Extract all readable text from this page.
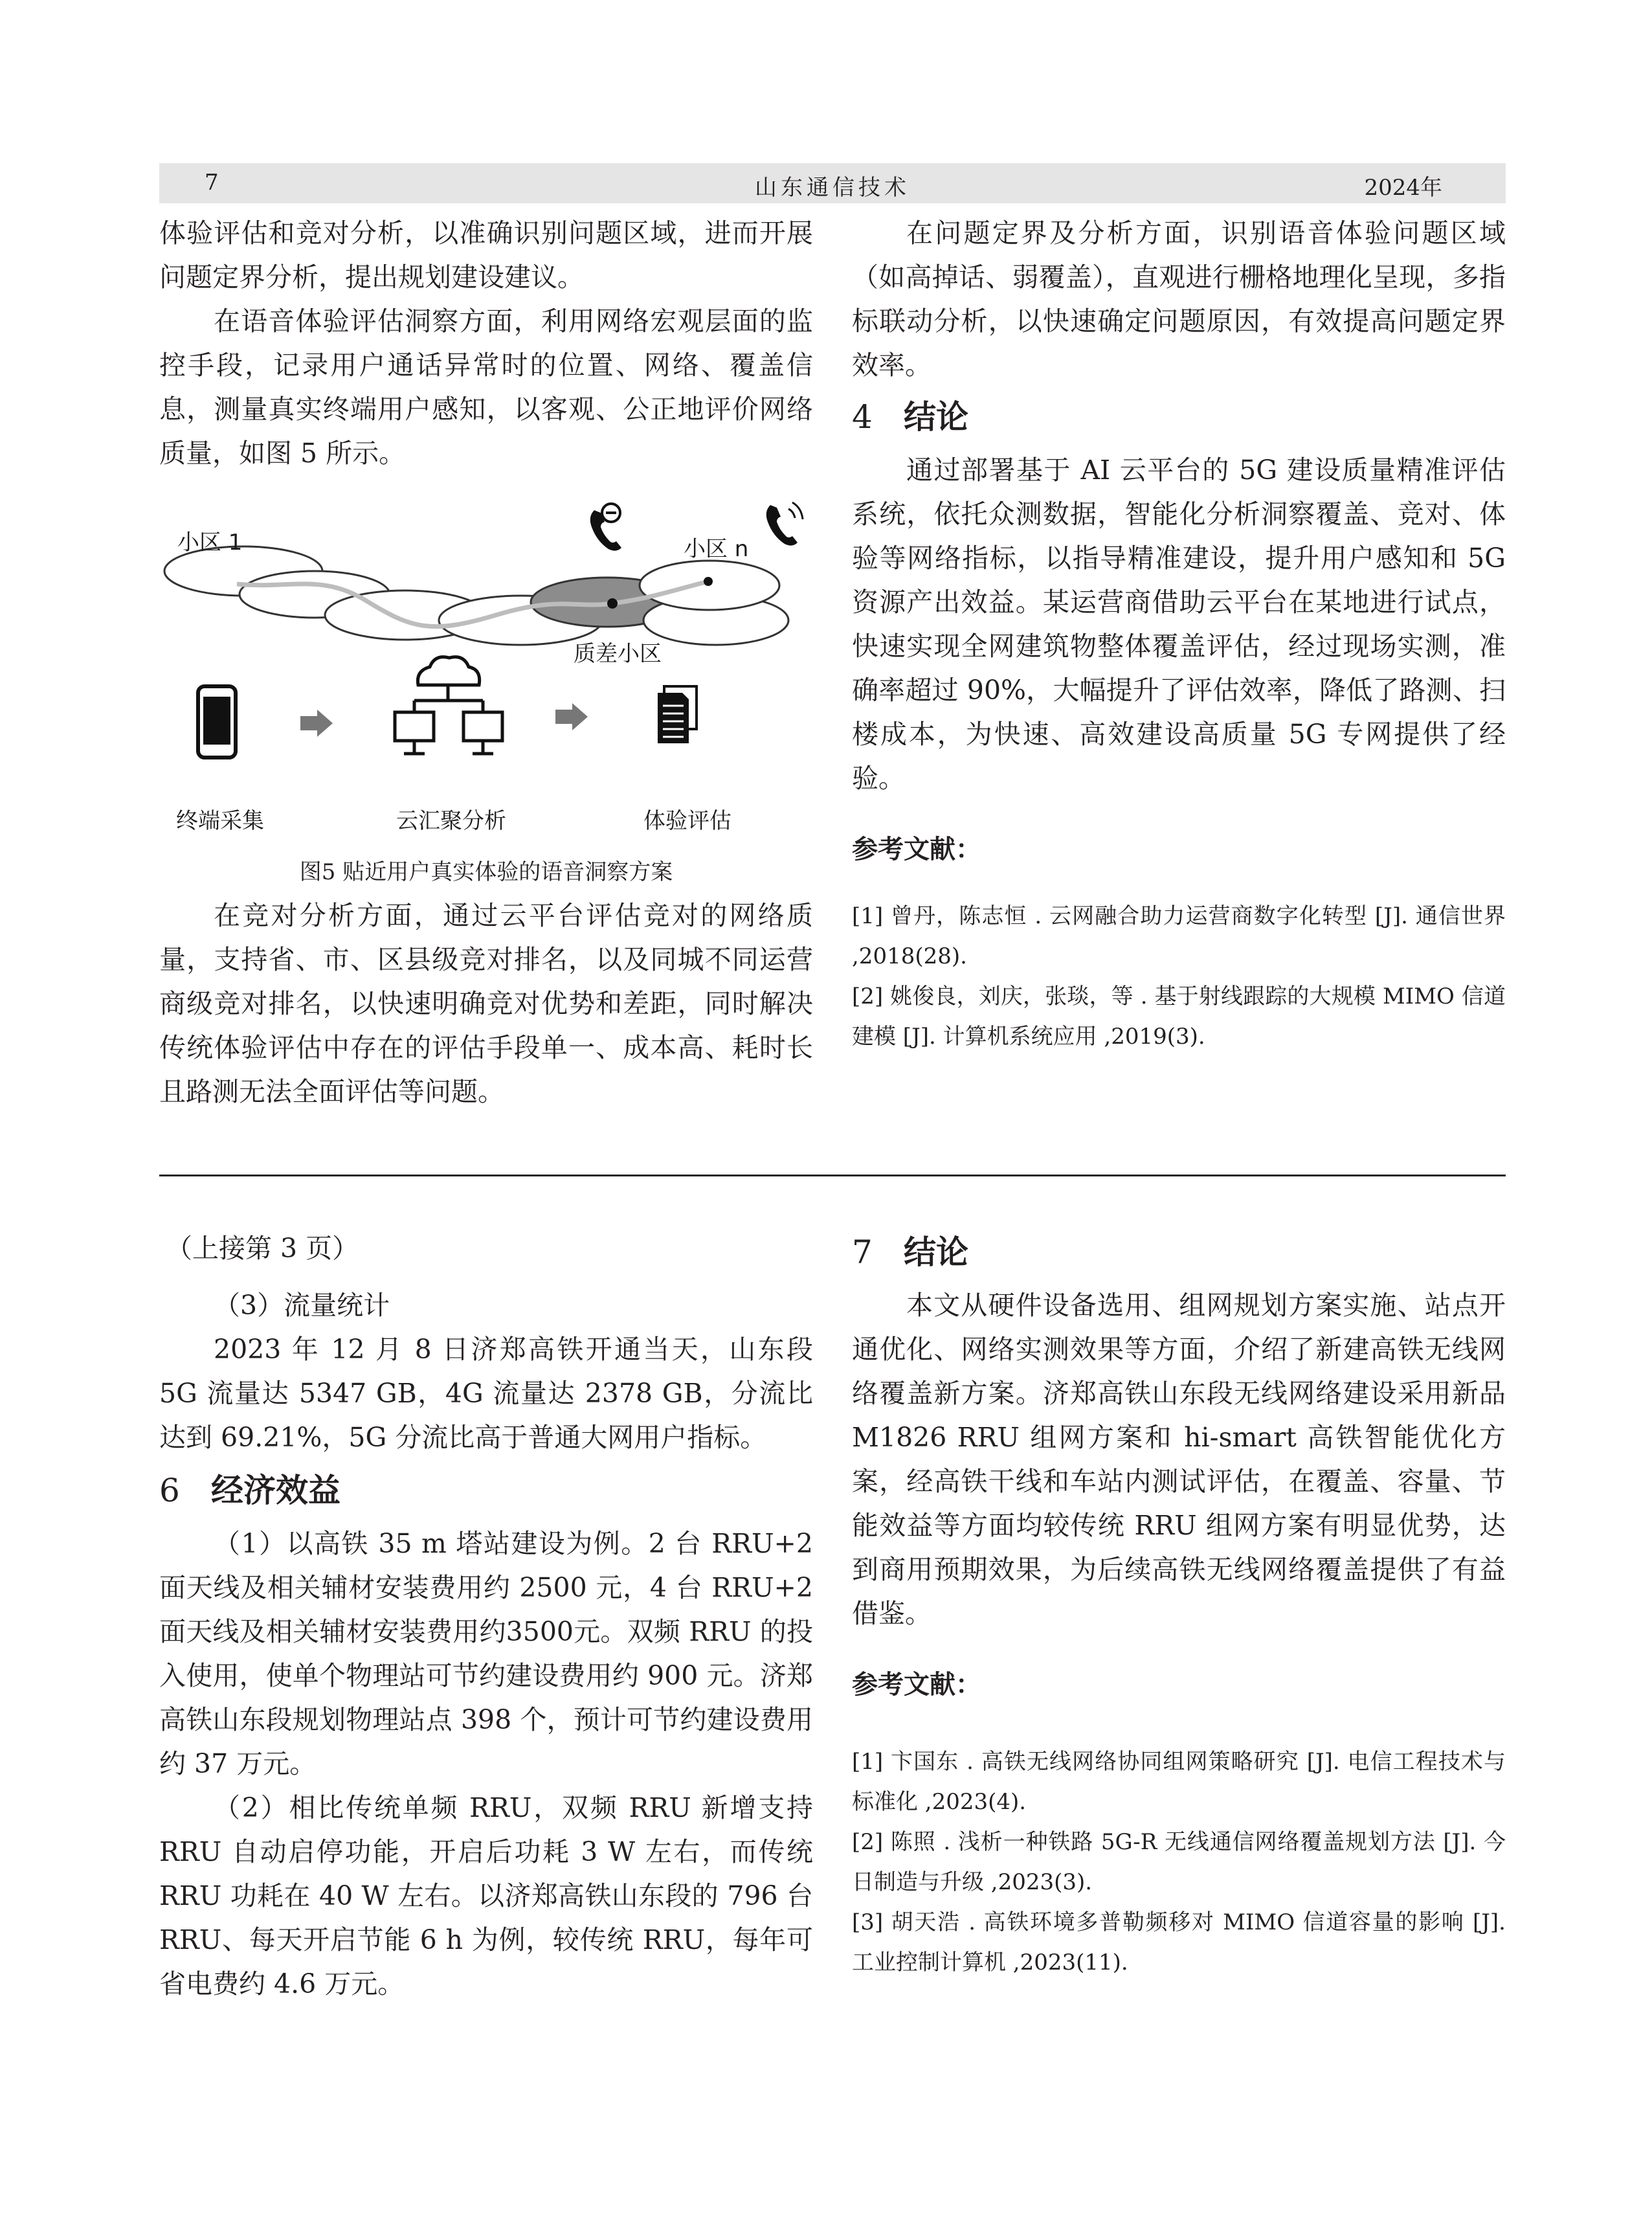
山东通信技术
7	2024年

体验评估和竞对分析，以准确识别问题区域，进而开展问题定界分析，提出规划建设建议。

在语音体验评估洞察方面，利用网络宏观层面的监控手段，记录用户通话异常时的位置、网络、覆盖信息，测量真实终端用户感知，以客观、公正地评价网络质量，如图 5 所示。

小区 1	小区 n
质差小区
终端采集	云汇聚分析	体验评估

图5 贴近用户真实体验的语音洞察方案

在竞对分析方面，通过云平台评估竞对的网络质量，支持省、市、区县级竞对排名，以及同城不同运营商级竞对排名，以快速明确竞对优势和差距，同时解决传统体验评估中存在的评估手段单一、成本高、耗时长且路测无法全面评估等问题。

在问题定界及分析方面，识别语音体验问题区域（如高掉话、弱覆盖），直观进行栅格地理化呈现，多指标联动分析，以快速确定问题原因，有效提高问题定界效率。

4 结论

通过部署基于 AI 云平台的 5G 建设质量精准评估系统，依托众测数据，智能化分析洞察覆盖、竞对、体验等网络指标，以指导精准建设，提升用户感知和 5G 资源产出效益。某运营商借助云平台在某地进行试点，快速实现全网建筑物整体覆盖评估，经过现场实测，准确率超过 90%，大幅提升了评估效率，降低了路测、扫楼成本，为快速、高效建设高质量 5G 专网提供了经验。

参考文献：

[1] 曾丹，陈志恒 . 云网融合助力运营商数字化转型 [J]. 通信世界 ,2018(28).

[2] 姚俊良，刘庆，张琰，等 . 基于射线跟踪的大规模 MIMO 信道建模 [J]. 计算机系统应用 ,2019(3).

（上接第 3 页）

（3）流量统计

2023 年 12 月 8 日济郑高铁开通当天，山东段 5G 流量达 5347 GB，4G 流量达 2378 GB，分流比达到 69.21%，5G 分流比高于普通大网用户指标。

6 经济效益

（1）以高铁 35 m 塔站建设为例。2 台 RRU+2 面天线及相关辅材安装费用约 2500 元，4 台 RRU+2 面天线及相关辅材安装费用约3500元。双频 RRU 的投入使用，使单个物理站可节约建设费用约 900 元。济郑高铁山东段规划物理站点 398 个，预计可节约建设费用约 37 万元。

（2）相比传统单频 RRU，双频 RRU 新增支持 RRU 自动启停功能，开启后功耗 3 W 左右，而传统 RRU 功耗在 40 W 左右。以济郑高铁山东段的 796 台 RRU、每天开启节能 6 h 为例，较传统 RRU，每年可省电费约 4.6 万元。

7 结论

本文从硬件设备选用、组网规划方案实施、站点开通优化、网络实测效果等方面，介绍了新建高铁无线网络覆盖新方案。济郑高铁山东段无线网络建设采用新品 M1826 RRU 组网方案和 hi-smart 高铁智能优化方案，经高铁干线和车站内测试评估，在覆盖、容量、节能效益等方面均较传统 RRU 组网方案有明显优势，达到商用预期效果，为后续高铁无线网络覆盖提供了有益借鉴。

参考文献：

[1] 卞国东 . 高铁无线网络协同组网策略研究 [J]. 电信工程技术与标准化 ,2023(4).

[2] 陈照 . 浅析一种铁路 5G-R 无线通信网络覆盖规划方法 [J]. 今日制造与升级 ,2023(3).

[3] 胡天浩 . 高铁环境多普勒频移对 MIMO 信道容量的影响 [J]. 工业控制计算机 ,2023(11).
